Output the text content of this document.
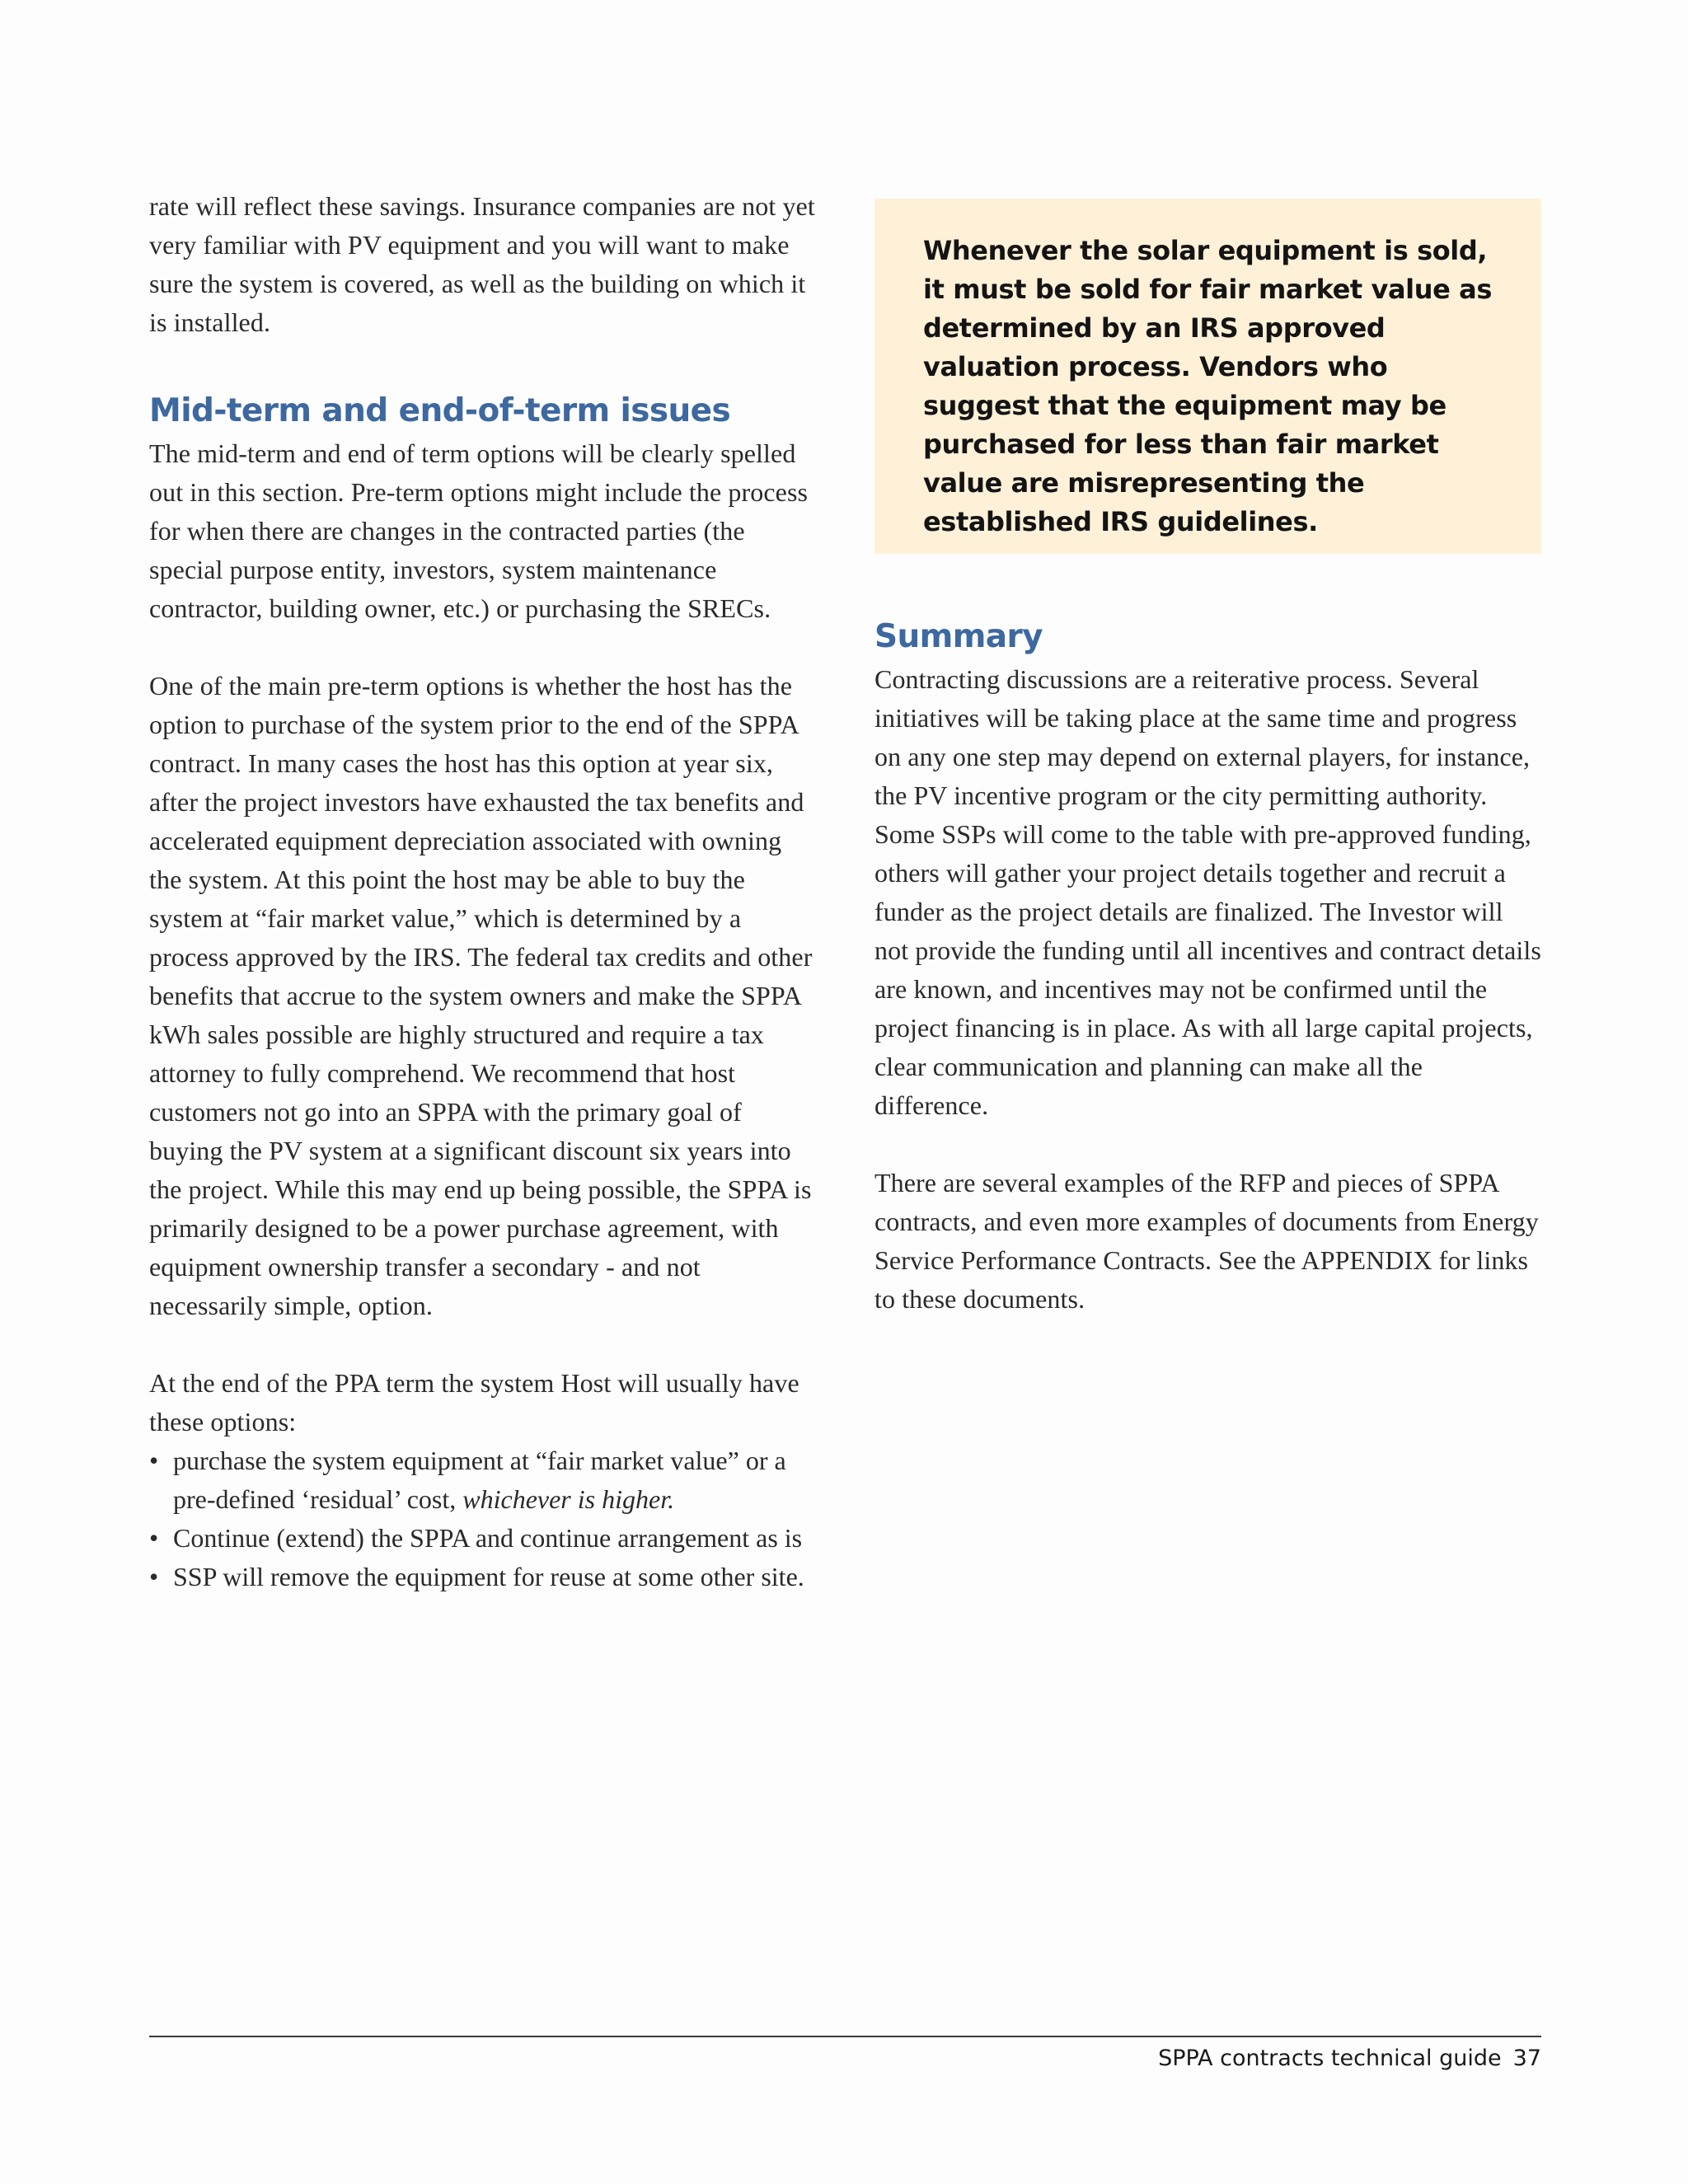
rate will reflect these savings. Insurance companies are not yet very familiar with PV equipment and you will want to make sure the system is covered, as well as the building on which it is installed.

Mid-term and end-of-term issues

The mid-term and end of term options will be clearly spelled out in this section. Pre-term options might include the process for when there are changes in the contracted parties (the special purpose entity, investors, system maintenance contractor, building owner, etc.) or purchasing the SRECs.

One of the main pre-term options is whether the host has the option to purchase of the system prior to the end of the SPPA contract. In many cases the host has this option at year six, after the project investors have exhausted the tax benefits and accelerated equipment depreciation associated with owning the system. At this point the host may be able to buy the system at “fair market value,” which is determined by a process approved by the IRS. The federal tax credits and other benefits that accrue to the system owners and make the SPPA kWh sales possible are highly structured and require a tax attorney to fully comprehend. We recommend that host customers not go into an SPPA with the primary goal of buying the PV system at a significant discount six years into the project. While this may end up being possible, the SPPA is primarily designed to be a power purchase agreement, with equipment ownership transfer a secondary - and not necessarily simple, option.

At the end of the PPA term the system Host will usually have these options:

• purchase the system equipment at “fair market value” or a pre-defined ‘residual’ cost, whichever is higher.
• Continue (extend) the SPPA and continue arrangement as is
• SSP will remove the equipment for reuse at some other site.

Whenever the solar equipment is sold, it must be sold for fair market value as determined by an IRS approved valuation process. Vendors who suggest that the equipment may be purchased for less than fair market value are misrepresenting the established IRS guidelines.

Summary

Contracting discussions are a reiterative process. Several initiatives will be taking place at the same time and progress on any one step may depend on external players, for instance, the PV incentive program or the city permitting authority. Some SSPs will come to the table with pre-approved funding, others will gather your project details together and recruit a funder as the project details are finalized. The Investor will not provide the funding until all incentives and contract details are known, and incentives may not be confirmed until the project financing is in place. As with all large capital projects, clear communication and planning can make all the difference.

There are several examples of the RFP and pieces of SPPA contracts, and even more examples of documents from Energy Service Performance Contracts. See the APPENDIX for links to these documents.

SPPA contracts technical guide 37
